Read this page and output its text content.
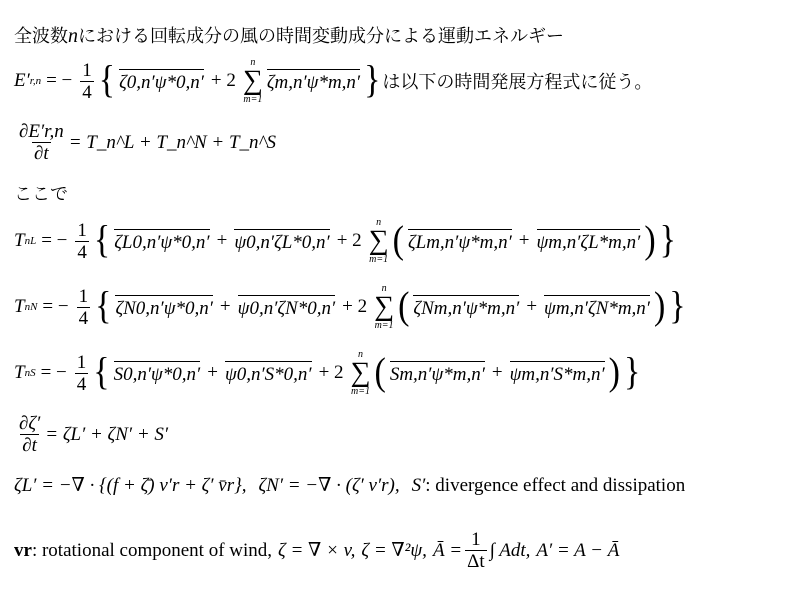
全波数nにおける回転成分の風の時間変動成分による運動エネルギー
E′ r,n = − $\frac{1}{4}$ { ζ0,n′ψ*0,n′ + 2
n
∑
m=1
ζm,n′ψ*m,n′ } は以下の時間発展方程式に従う。
$\frac{\partial E'r,n}{\partial t}$ = T_n^L + T_n^N + T_n^S
ここで
T n L = − $\frac{1}{4}$ { ζL0,n′ψ*0,n′ + ψ0,n′ζL*0,n′ + 2
n
∑
m=1 ( ζLm,n′ψ*m,n′ + ψm,n′ζL*m,n′ ) }
T n N = − $\frac{1}{4}$ { ζN0,n′ψ*0,n′ + ψ0,n′ζN*0,n′ + 2
n
∑
m=1 ( ζNm,n′ψ*m,n′ + ψm,n′ζN*m,n′ ) }
T n S = − $\frac{1}{4}$ { S0,n′ψ*0,n′ + ψ0,n′S*0,n′ + 2
n
∑
m=1 ( Sm,n′ψ*m,n′ + ψm,n′S*m,n′ ) }
$\frac{\partial\zeta'}{\partial t} = \zeta L' + \zeta N' + S'$
ζL′ = −∇ · {(f + ζ̄) v′r + ζ′ v̄r}, ζN′ = −∇ · (ζ′ v′r), S′ : divergence effect and dissipation
vr : rotational component of wind, ζ = ∇ × v, ζ = ∇²ψ, Ā = $\frac{1}{\Delta t}$ ∫ Adt, A′ = A − Ā
